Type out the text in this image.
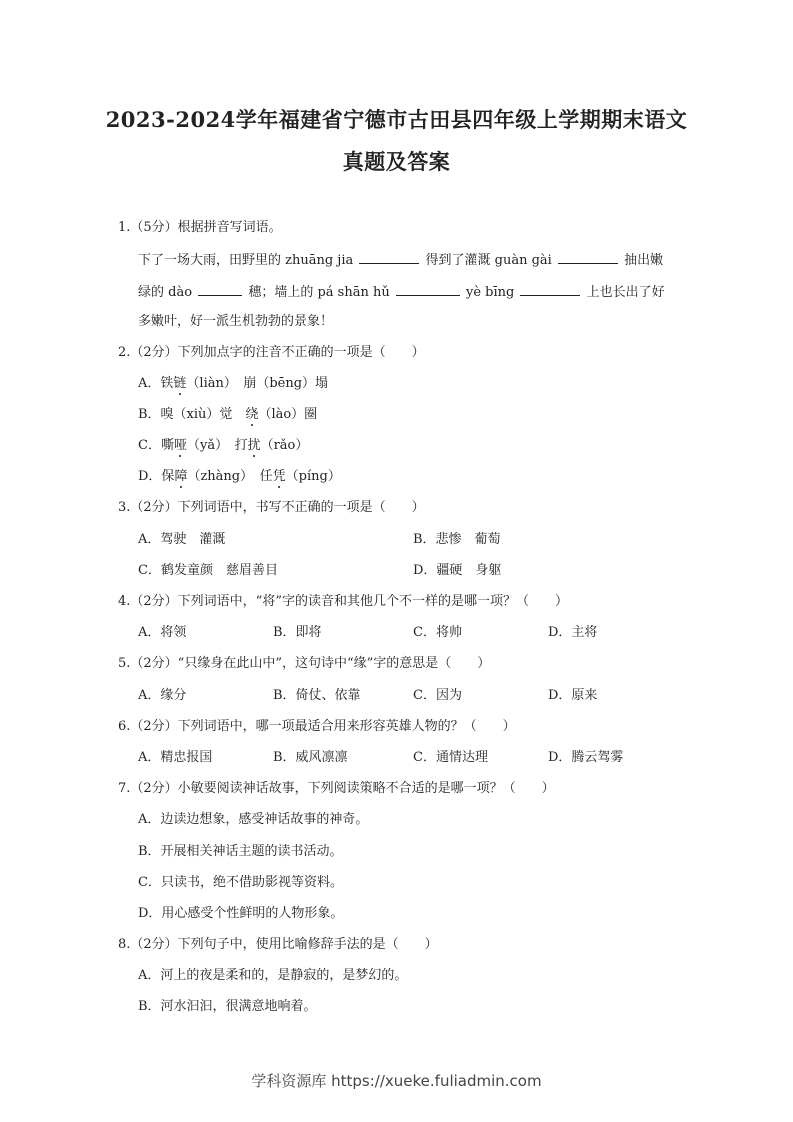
2023-2024学年福建省宁德市古田县四年级上学期期末语文
真题及答案
1.（5分）根据拼音写词语。
下了一场大雨，田野里的 zhuāng jia	得到了灌溉 guàn gài	抽出嫩
绿的 dào	穗；墙上的 pá shān hǔ	yè bīng	上也长出了好
多嫩叶，好一派生机勃勃的景象！
2.（2分）下列加点字的注音不正确的一项是（　　）
A．铁链（liàn）　崩（bēng）塌
B．嗅（xiù）觉　绕（lào）圈
C．嘶哑（yǎ）　打扰（rǎo）
D．保障（zhàng）　任凭（píng）
3.（2分）下列词语中，书写不正确的一项是（　　）
A．驾驶　灌溉	B．悲惨　葡萄
C．鹤发童颜　慈眉善目	D．疆硬　身躯
4.（2分）下列词语中，“将”字的读音和其他几个不一样的是哪一项？（　　）
A．将领	B．即将	C．将帅	D．主将
5.（2分）“只缘身在此山中”，这句诗中“缘”字的意思是（　　）
A．缘分	B．倚仗、依靠	C．因为	D．原来
6.（2分）下列词语中，哪一项最适合用来形容英雄人物的？（　　）
A．精忠报国	B．威风凛凛	C．通情达理	D．腾云驾雾
7.（2分）小敏要阅读神话故事，下列阅读策略不合适的是哪一项？（　　）
A．边读边想象，感受神话故事的神奇。
B．开展相关神话主题的读书活动。
C．只读书，绝不借助影视等资料。
D．用心感受个性鲜明的人物形象。
8.（2分）下列句子中，使用比喻修辞手法的是（　　）
A．河上的夜是柔和的，是静寂的，是梦幻的。
B．河水汩汩，很满意地响着。
学科资源库 https://xueke.fuliadmin.com
